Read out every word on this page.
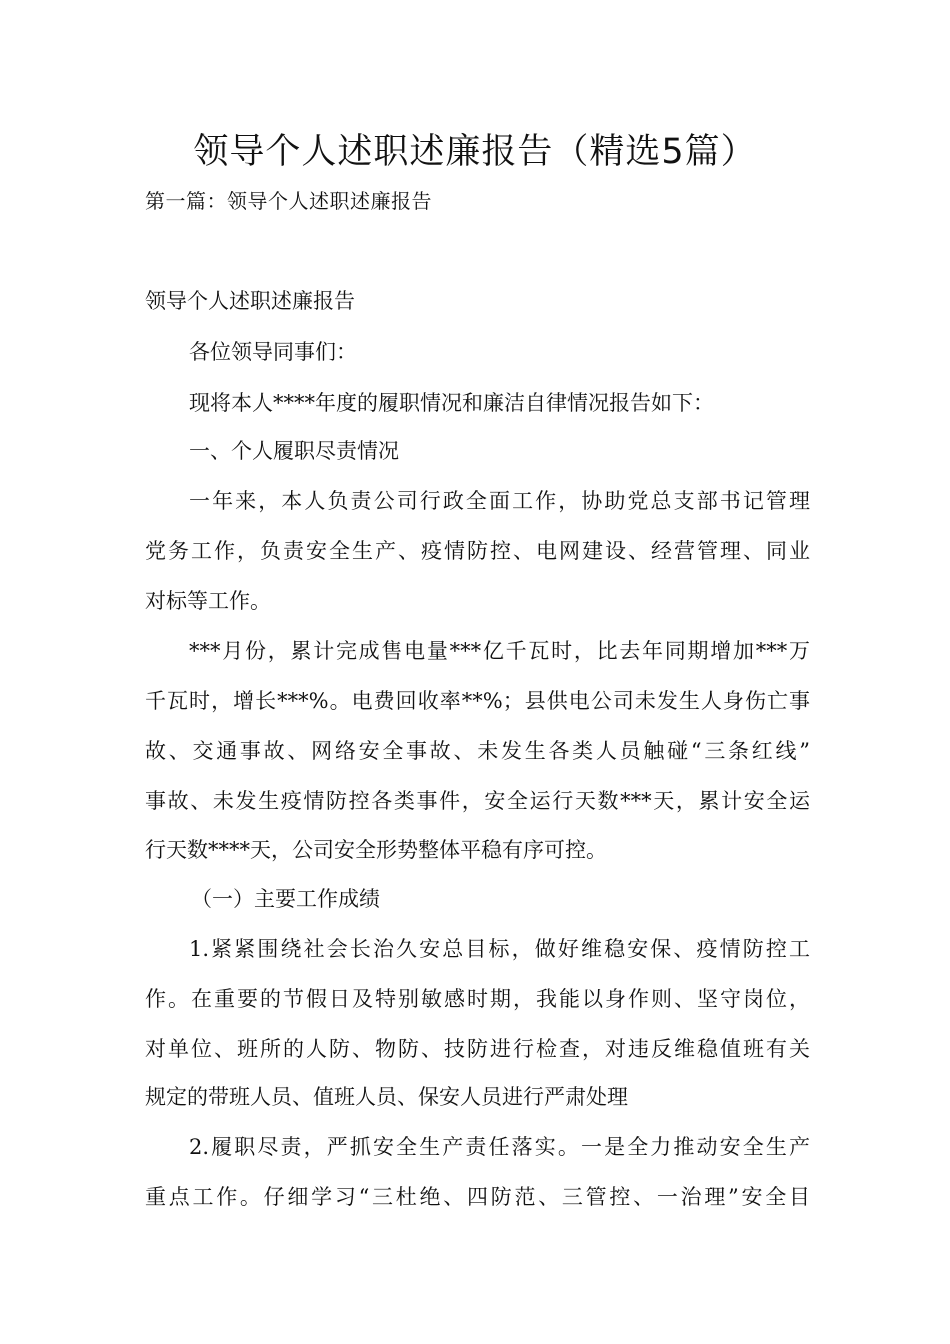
领导个人述职述廉报告（精选5篇）
第一篇：领导个人述职述廉报告
领导个人述职述廉报告
各位领导同事们：
现将本人****年度的履职情况和廉洁自律情况报告如下：
一、个人履职尽责情况
一年来，本人负责公司行政全面工作，协助党总支部书记管理
党务工作，负责安全生产、疫情防控、电网建设、经营管理、同业
对标等工作。
***月份，累计完成售电量***亿千瓦时，比去年同期增加***万
千瓦时，增长***%。电费回收率**%；县供电公司未发生人身伤亡事
故、交通事故、网络安全事故、未发生各类人员触碰“三条红线”
事故、未发生疫情防控各类事件，安全运行天数***天，累计安全运
行天数****天，公司安全形势整体平稳有序可控。
（一）主要工作成绩
1.紧紧围绕社会长治久安总目标，做好维稳安保、疫情防控工
作。在重要的节假日及特别敏感时期，我能以身作则、坚守岗位，
对单位、班所的人防、物防、技防进行检查，对违反维稳值班有关
规定的带班人员、值班人员、保安人员进行严肃处理
2.履职尽责，严抓安全生产责任落实。一是全力推动安全生产
重点工作。仔细学习“三杜绝、四防范、三管控、一治理”安全目
